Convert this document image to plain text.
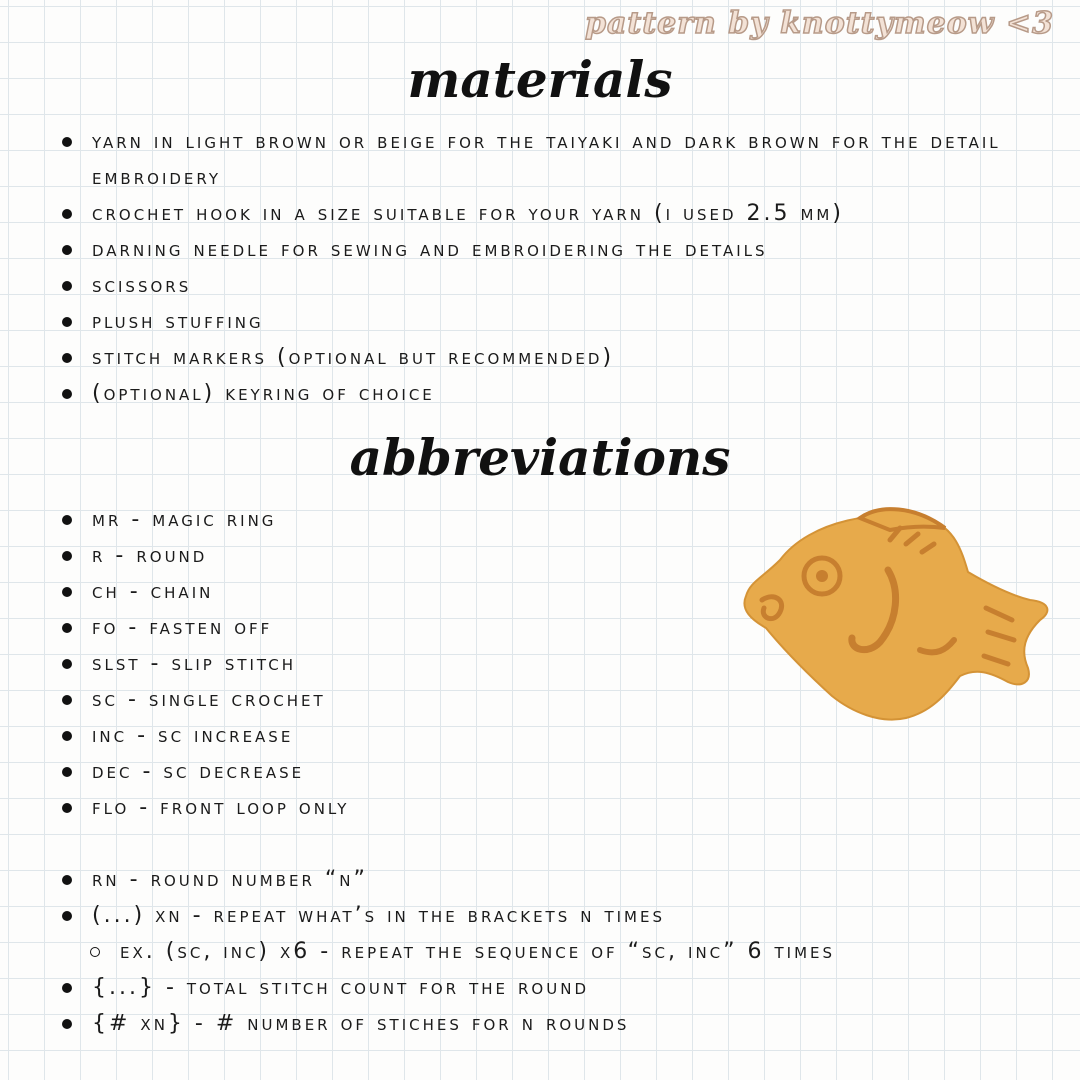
pattern by knottymeow <3
materials
yarn in light brown or beige for the taiyaki and dark brown for the detail embroidery
crochet hook in a size suitable for your yarn (i used 2.5 mm)
darning needle for sewing and embroidering the details
scissors
plush stuffing
stitch markers (optional but recommended)
(optional) keyring of choice
abbreviations
mr - magic ring
r - round
ch - chain
fo - fasten off
slst - slip stitch
sc - single crochet
inc - sc increase
dec - sc decrease
flo - front loop only
rn - round number “n”
(...) xn - repeat what’s in the brackets n times
ex. (sc, inc) x6 - repeat the sequence of “sc, inc” 6 times
{...} - total stitch count for the round
{# xn} - # number of stiches for n rounds
